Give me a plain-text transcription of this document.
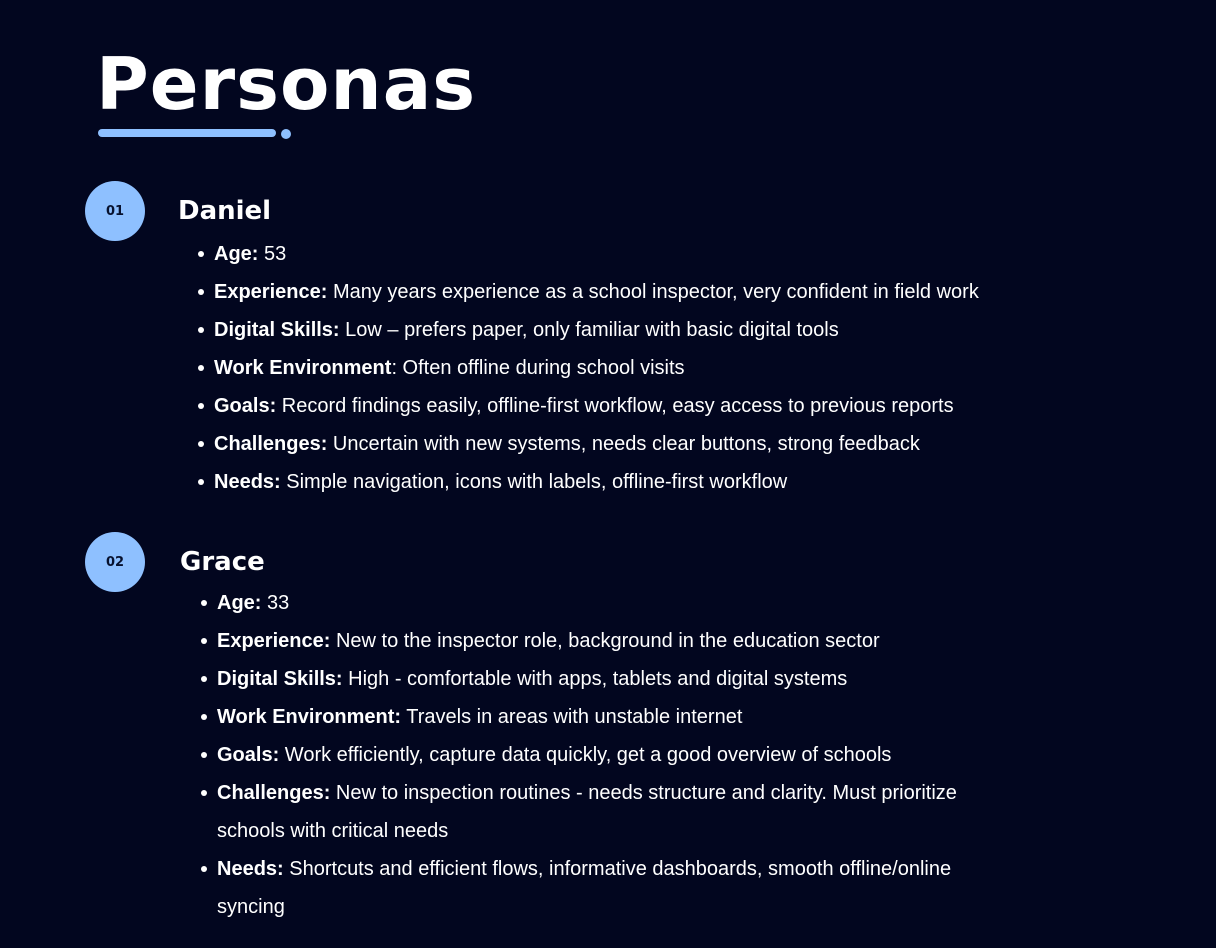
Personas
01 Daniel
Age: 53
Experience: Many years experience as a school inspector, very confident in field work
Digital Skills: Low – prefers paper, only familiar with basic digital tools
Work Environment: Often offline during school visits
Goals: Record findings easily, offline-first workflow, easy access to previous reports
Challenges: Uncertain with new systems, needs clear buttons, strong feedback
Needs: Simple navigation, icons with labels, offline-first workflow
02 Grace
Age: 33
Experience: New to the inspector role, background in the education sector
Digital Skills: High - comfortable with apps, tablets and digital systems
Work Environment: Travels in areas with unstable internet
Goals: Work efficiently, capture data quickly, get a good overview of schools
Challenges: New to inspection routines - needs structure and clarity. Must prioritize schools with critical needs
Needs: Shortcuts and efficient flows, informative dashboards, smooth offline/online syncing
